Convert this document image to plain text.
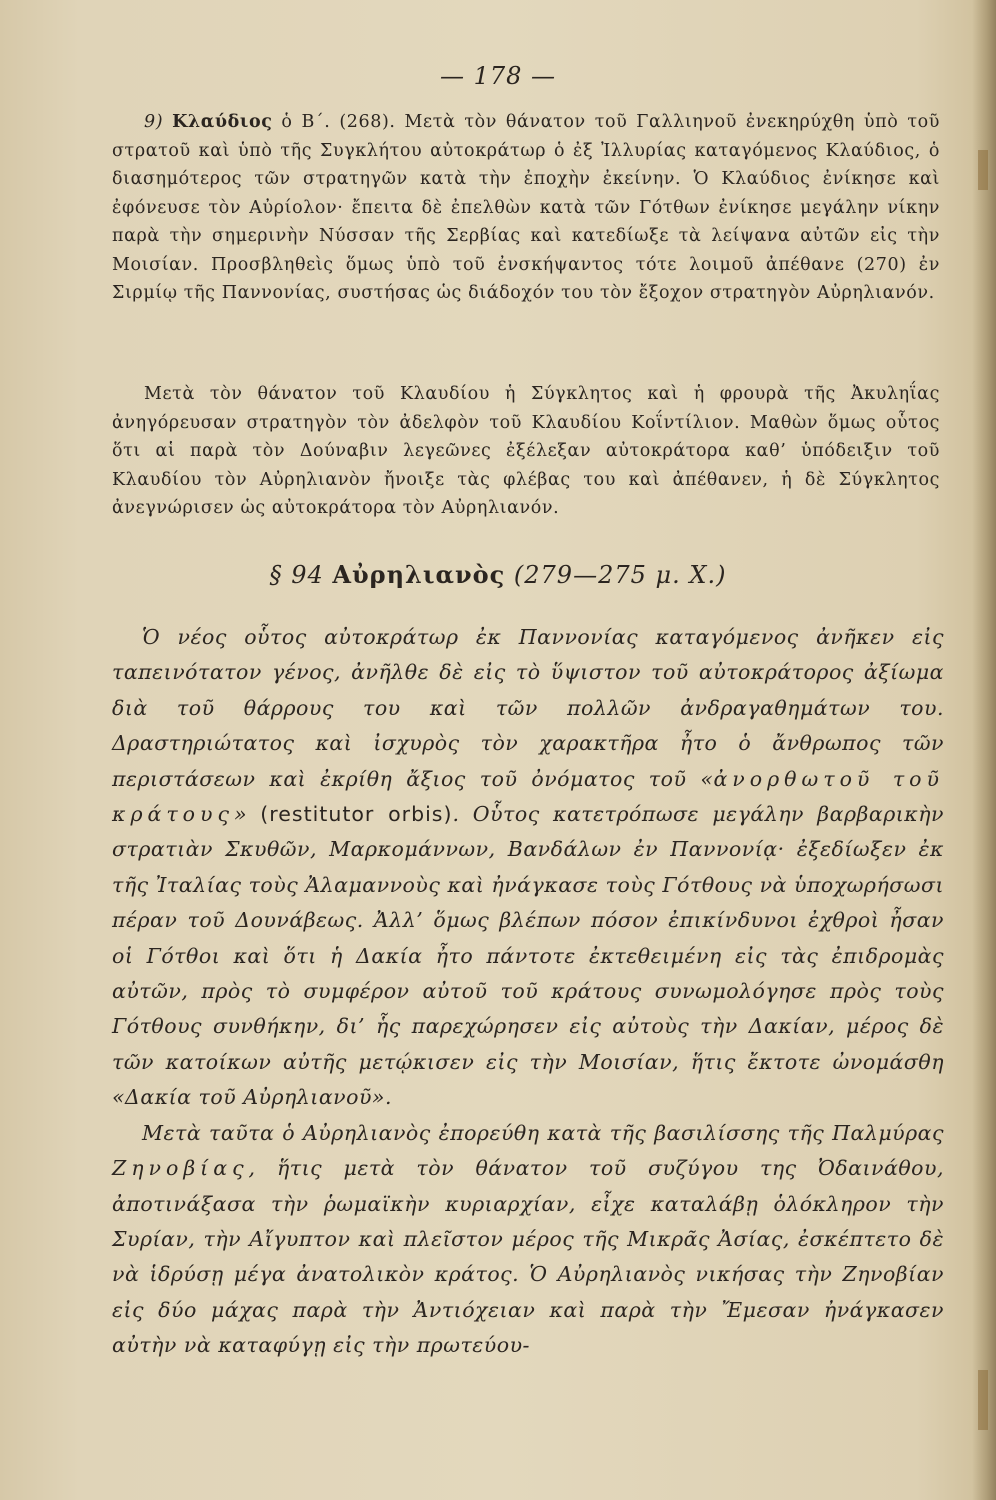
— 178 —

9) Κλαύδιος ὁ Β΄. (268). Μετὰ τὸν θάνατον τοῦ Γαλλιηνοῦ ἐνεκηρύχθη ὑπὸ τοῦ στρατοῦ καὶ ὑπὸ τῆς Συγκλήτου αὐτοκράτωρ ὁ ἐξ Ἰλλυρίας καταγόμενος Κλαύδιος, ὁ διασημότερος τῶν στρατηγῶν κατὰ τὴν ἐποχὴν ἐκείνην. Ὁ Κλαύδιος ἐνίκησε καὶ ἐφόνευσε τὸν Αὐρίολον· ἔπειτα δὲ ἐπελθὼν κατὰ τῶν Γότθων ἐνίκησε μεγάλην νίκην παρὰ τὴν σημερινὴν Νύσσαν τῆς Σερβίας καὶ κατεδίωξε τὰ λείψανα αὐτῶν εἰς τὴν Μοισίαν. Προσβληθεὶς ὅμως ὑπὸ τοῦ ἐνσκήψαντος τότε λοιμοῦ ἀπέθανε (270) ἐν Σιρμίῳ τῆς Παννονίας, συστήσας ὡς διάδοχόν του τὸν ἔξοχον στρατηγὸν Αὐρηλιανόν.

Μετὰ τὸν θάνατον τοῦ Κλαυδίου ἡ Σύγκλητος καὶ ἡ φρουρὰ τῆς Ἀκυληΐας ἀνηγόρευσαν στρατηγὸν τὸν ἀδελφὸν τοῦ Κλαυδίου Κοΐντίλιον. Μαθὼν ὅμως οὗτος ὅτι αἱ παρὰ τὸν Δούναβιν λεγεῶνες ἐξέλεξαν αὐτοκράτορα καθ’ ὑπόδειξιν τοῦ Κλαυδίου τὸν Αὐρηλιανὸν ἤνοιξε τὰς φλέβας του καὶ ἀπέθανεν, ἡ δὲ Σύγκλητος ἀνεγνώρισεν ὡς αὐτοκράτορα τὸν Αὐρηλιανόν.

§ 94 Αὐρηλιανὸς (279—275 μ. Χ.)

Ὁ νέος οὗτος αὐτοκράτωρ ἐκ Παννονίας καταγόμενος ἀνῆκεν εἰς ταπεινότατον γένος, ἀνῆλθε δὲ εἰς τὸ ὕψιστον τοῦ αὐτοκράτορος ἀξίωμα διὰ τοῦ θάρρους του καὶ τῶν πολλῶν ἀνδραγαθημάτων του. Δραστηριώτατος καὶ ἰσχυρὸς τὸν χαρακτῆρα ἦτο ὁ ἄνθρωπος τῶν περιστάσεων καὶ ἐκρίθη ἄξιος τοῦ ὀνόματος τοῦ «ἀνορθωτοῦ τοῦ κράτους» (restitutor orbis). Οὗτος κατετρόπωσε μεγάλην βαρβαρικὴν στρατιὰν Σκυθῶν, Μαρκομάννων, Βανδάλων ἐν Παννονίᾳ· ἐξεδίωξεν ἐκ τῆς Ἰταλίας τοὺς Ἀλαμαννοὺς καὶ ἠνάγκασε τοὺς Γότθους νὰ ὑποχωρήσωσι πέραν τοῦ Δουνάβεως. Ἀλλ’ ὅμως βλέπων πόσον ἐπικίνδυνοι ἐχθροὶ ἦσαν οἱ Γότθοι καὶ ὅτι ἡ Δακία ἦτο πάντοτε ἐκτεθειμένη εἰς τὰς ἐπιδρομὰς αὐτῶν, πρὸς τὸ συμφέρον αὐτοῦ τοῦ κράτους συνωμολόγησε πρὸς τοὺς Γότθους συνθήκην, δι’ ἧς παρεχώρησεν εἰς αὐτοὺς τὴν Δακίαν, μέρος δὲ τῶν κατοίκων αὐτῆς μετῴκισεν εἰς τὴν Μοισίαν, ἥτις ἔκτοτε ὠνομάσθη «Δακία τοῦ Αὐρηλιανοῦ».

Μετὰ ταῦτα ὁ Αὐρηλιανὸς ἐπορεύθη κατὰ τῆς βασιλίσσης τῆς Παλμύρας Ζηνοβίας, ἥτις μετὰ τὸν θάνατον τοῦ συζύγου της Ὀδαινάθου, ἀποτινάξασα τὴν ῥωμαϊκὴν κυριαρχίαν, εἶχε καταλάβῃ ὁλόκληρον τὴν Συρίαν, τὴν Αἴγυπτον καὶ πλεῖστον μέρος τῆς Μικρᾶς Ἀσίας, ἐσκέπτετο δὲ νὰ ἱδρύσῃ μέγα ἀνατολικὸν κράτος. Ὁ Αὐρηλιανὸς νικήσας τὴν Ζηνοβίαν εἰς δύο μάχας παρὰ τὴν Ἀντιόχειαν καὶ παρὰ τὴν Ἔμεσαν ἠνάγκασεν αὐτὴν νὰ καταφύγῃ εἰς τὴν πρωτεύου-
